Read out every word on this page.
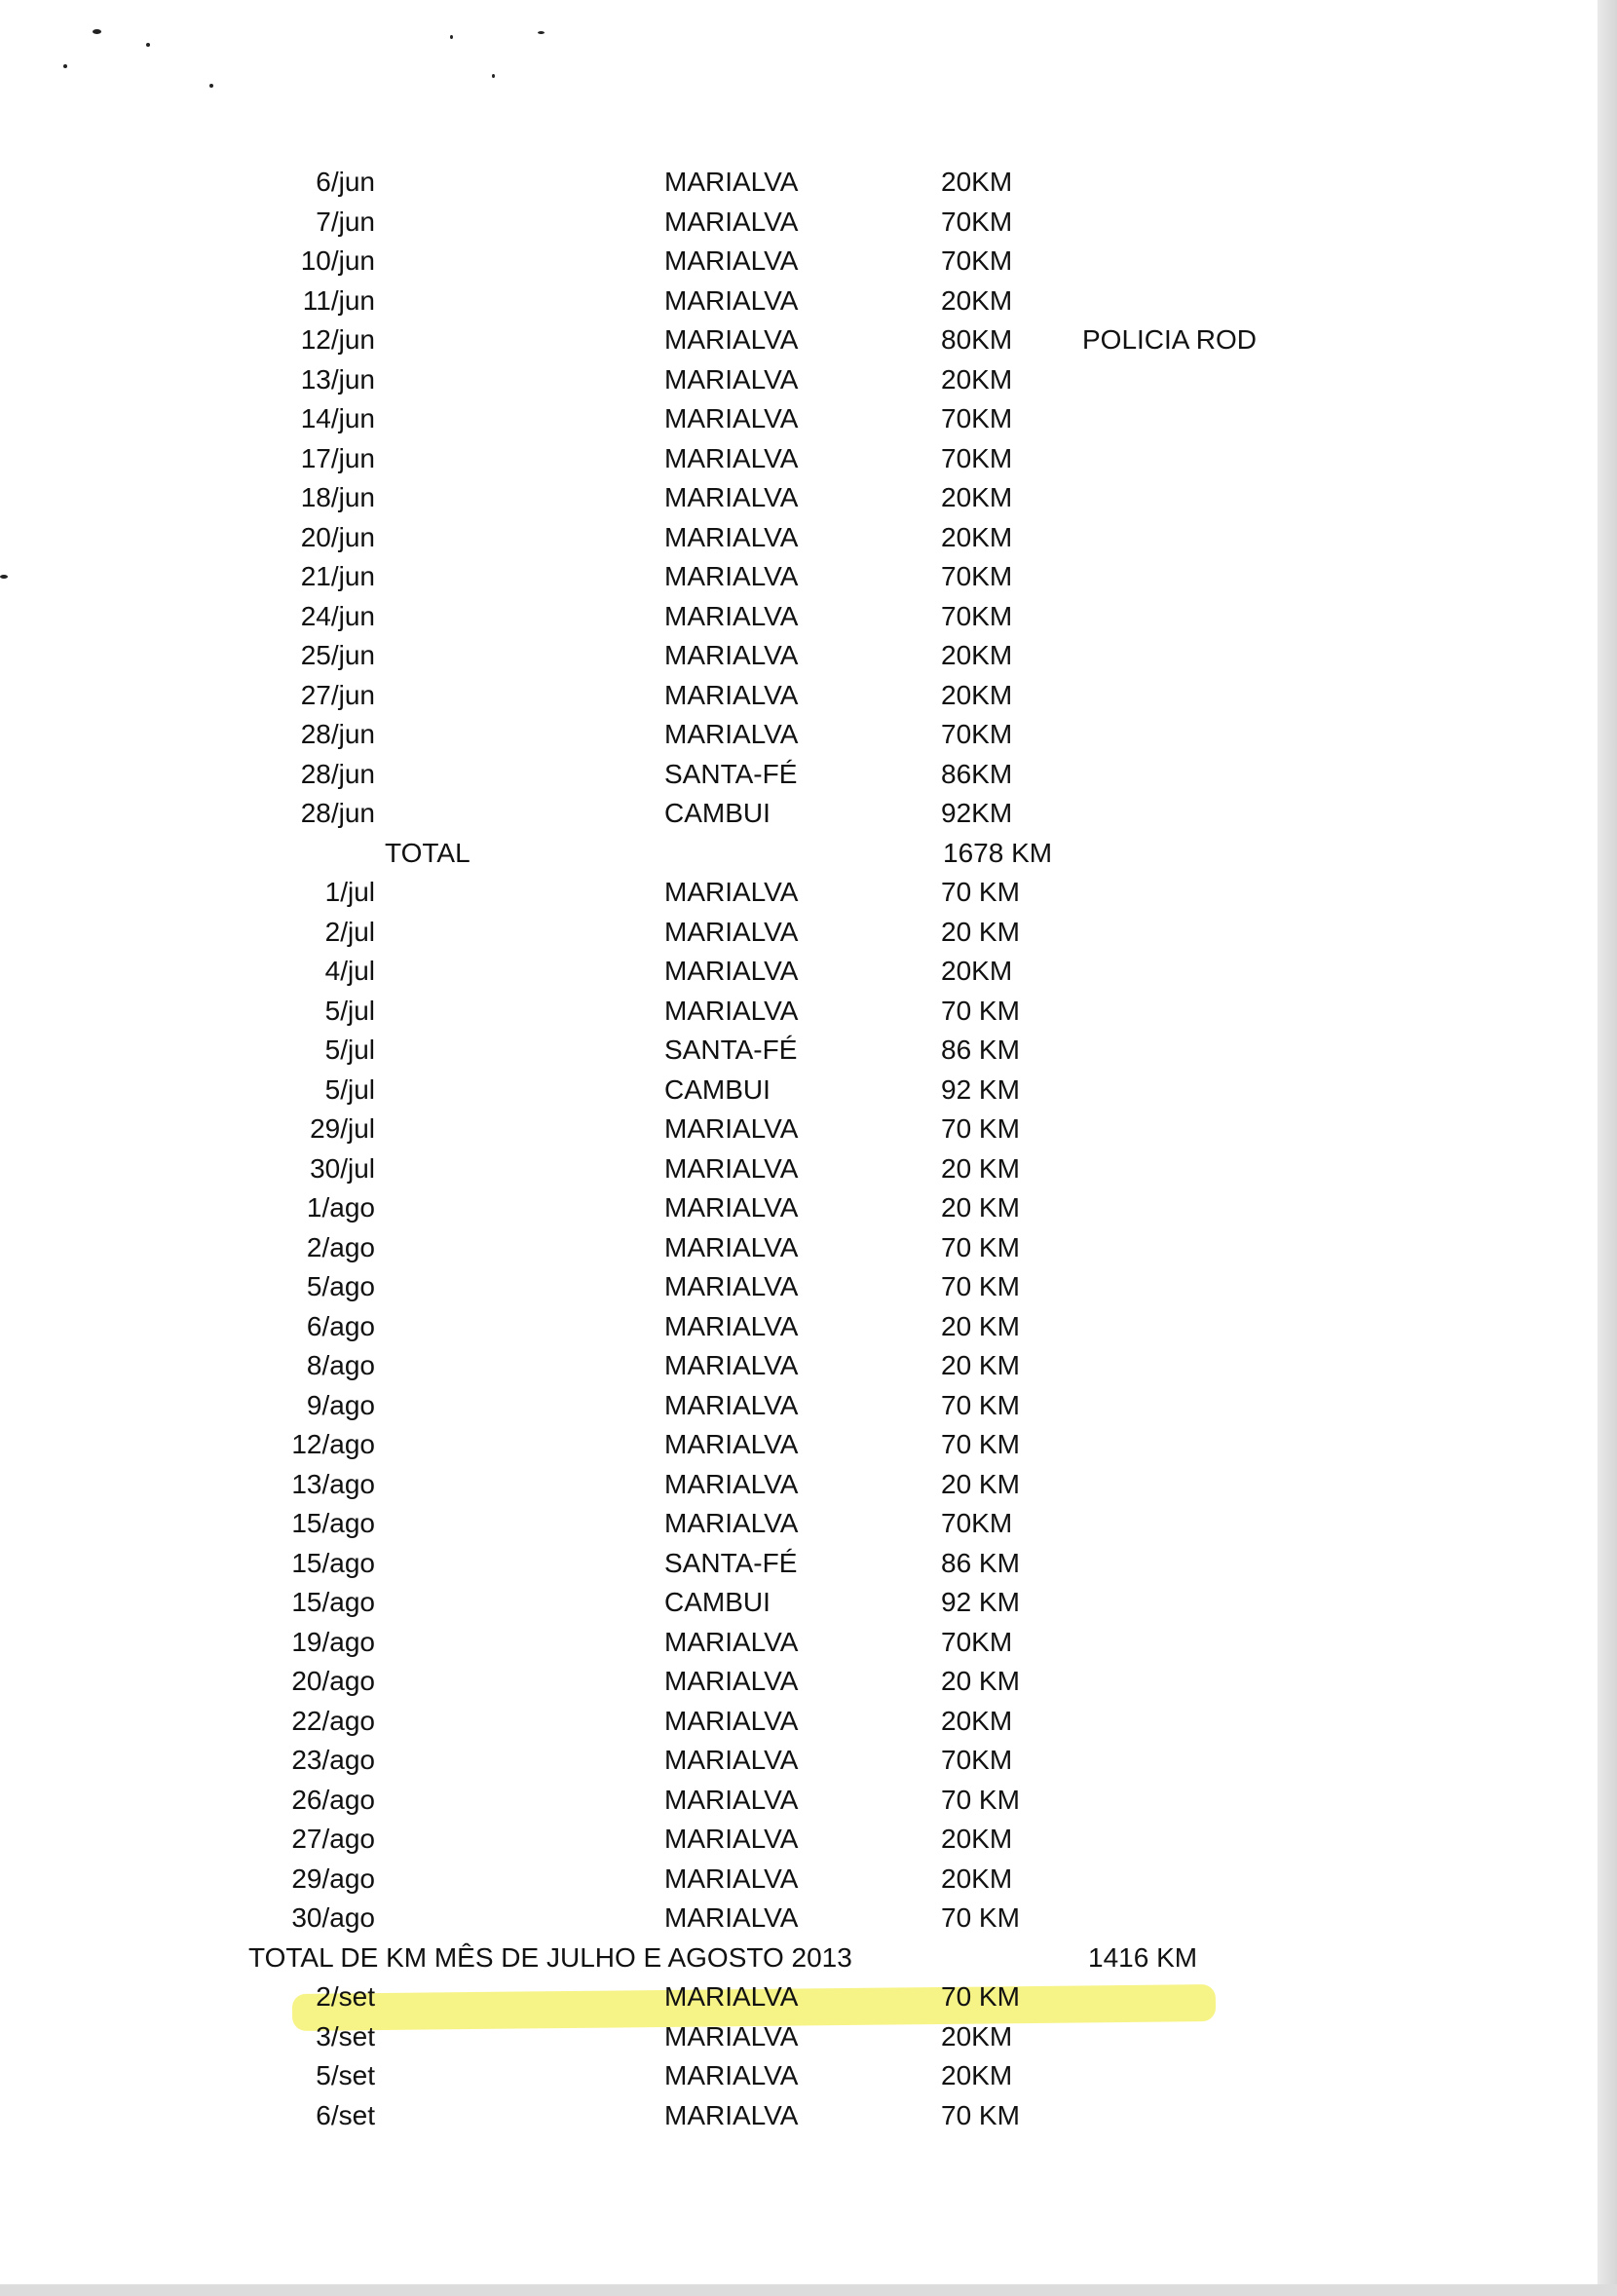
6/jun	MARIALVA	20KM
7/jun	MARIALVA	70KM
10/jun	MARIALVA	70KM
11/jun	MARIALVA	20KM
12/jun	MARIALVA	80KM	POLICIA ROD
13/jun	MARIALVA	20KM
14/jun	MARIALVA	70KM
17/jun	MARIALVA	70KM
18/jun	MARIALVA	20KM
20/jun	MARIALVA	20KM
21/jun	MARIALVA	70KM
24/jun	MARIALVA	70KM
25/jun	MARIALVA	20KM
27/jun	MARIALVA	20KM
28/jun	MARIALVA	70KM
28/jun	SANTA-FÉ	86KM
28/jun	CAMBUI	92KM
TOTAL	1678 KM
1/jul	MARIALVA	70 KM
2/jul	MARIALVA	20 KM
4/jul	MARIALVA	20KM
5/jul	MARIALVA	70 KM
5/jul	SANTA-FÉ	86 KM
5/jul	CAMBUI	92 KM
29/jul	MARIALVA	70 KM
30/jul	MARIALVA	20 KM
1/ago	MARIALVA	20 KM
2/ago	MARIALVA	70 KM
5/ago	MARIALVA	70 KM
6/ago	MARIALVA	20 KM
8/ago	MARIALVA	20 KM
9/ago	MARIALVA	70 KM
12/ago	MARIALVA	70 KM
13/ago	MARIALVA	20 KM
15/ago	MARIALVA	70KM
15/ago	SANTA-FÉ	86 KM
15/ago	CAMBUI	92 KM
19/ago	MARIALVA	70KM
20/ago	MARIALVA	20 KM
22/ago	MARIALVA	20KM
23/ago	MARIALVA	70KM
26/ago	MARIALVA	70 KM
27/ago	MARIALVA	20KM
29/ago	MARIALVA	20KM
30/ago	MARIALVA	70 KM
TOTAL DE KM MÊS DE JULHO E AGOSTO 2013	1416 KM
2/set	MARIALVA	70 KM
3/set	MARIALVA	20KM
5/set	MARIALVA	20KM
6/set	MARIALVA	70 KM
